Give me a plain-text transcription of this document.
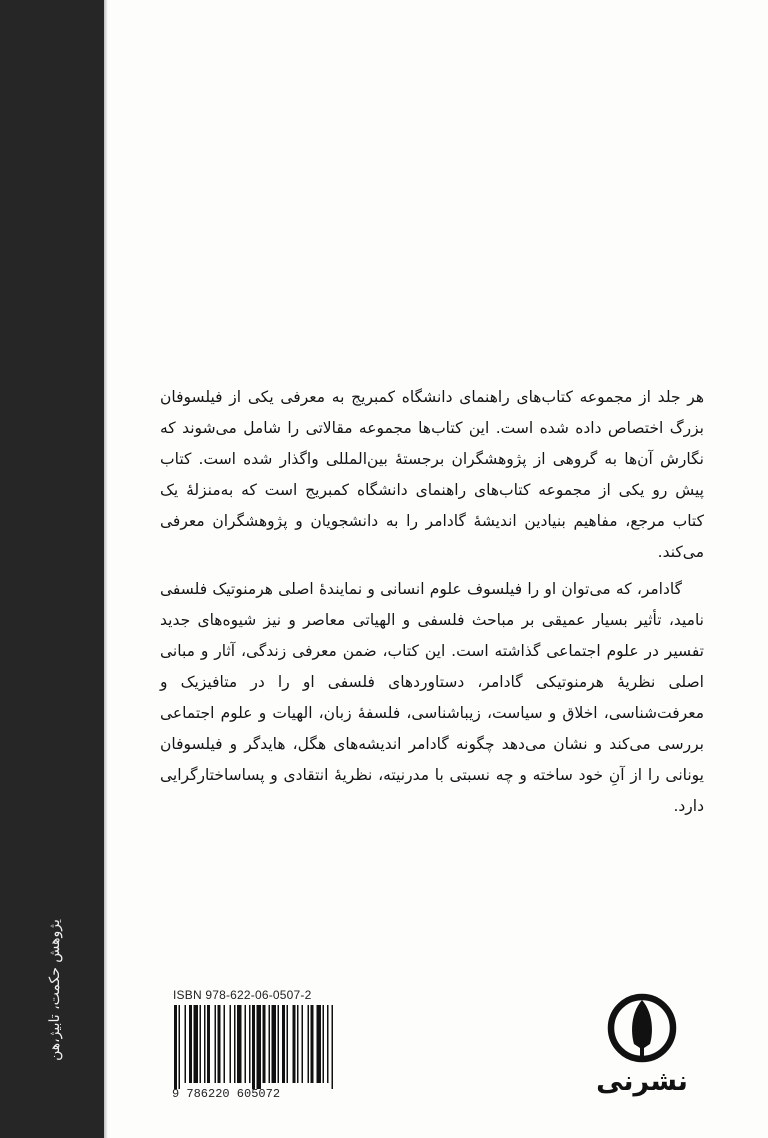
یژوهش حکمت، تابیژ،هن

هر جلد از مجموعه کتاب‌های راهنمای دانشگاه کمبریج به معرفی یکی از فیلسوفان بزرگ اختصاص داده شده است. این کتاب‌ها مجموعه مقالاتی را شامل می‌شوند که نگارش آن‌ها به گروهی از پژوهشگران برجستهٔ بین‌المللی واگذار شده است. کتاب پیش رو یکی از مجموعه کتاب‌های راهنمای دانشگاه کمبریج است که به‌منزلهٔ یک کتاب مرجع، مفاهیم بنیادین اندیشهٔ گادامر را به دانشجویان و پژوهشگران معرفی می‌کند.

گادامر، که می‌توان او را فیلسوف علوم انسانی و نمایندهٔ اصلی هرمنوتیک فلسفی نامید، تأثیر بسیار عمیقی بر مباحث فلسفی و الهیاتی معاصر و نیز شیوه‌های جدید تفسیر در علوم اجتماعی گذاشته است. این کتاب، ضمن معرفی زندگی، آثار و مبانی اصلی نظریهٔ هرمنوتیکی گادامر، دستاوردهای فلسفی او را در متافیزیک و معرفت‌شناسی، اخلاق و سیاست، زیباشناسی، فلسفهٔ زبان، الهیات و علوم اجتماعی بررسی می‌کند و نشان می‌دهد چگونه گادامر اندیشه‌های هگل، هایدگر و فیلسوفان یونانی را از آنِ خود ساخته و چه نسبتی با مدرنیته، نظریهٔ انتقادی و پساساختارگرایی دارد.

ISBN 978-622-06-0507-2
9 786220 605072	نشرنی
